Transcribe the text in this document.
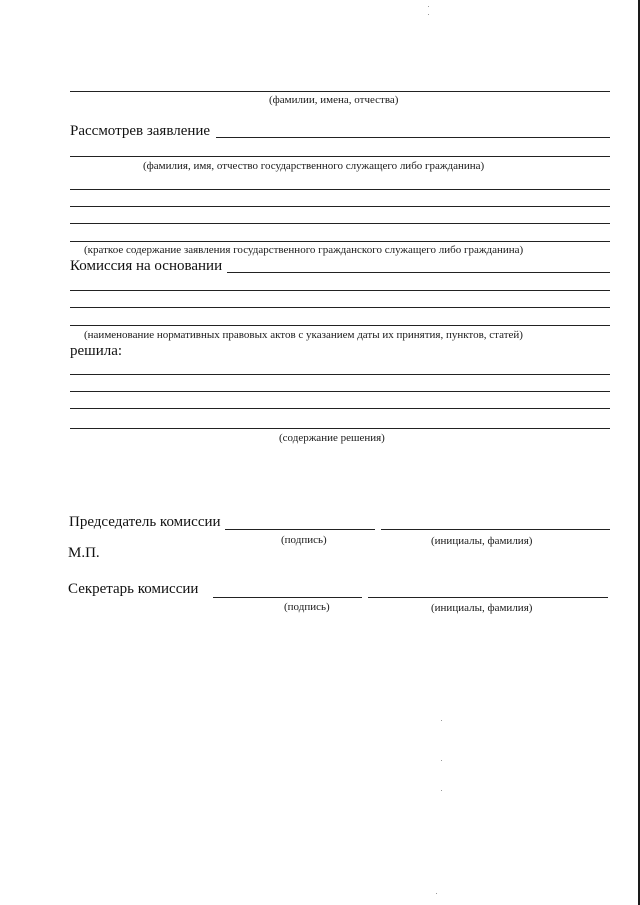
(фамилии, имена, отчества)
Рассмотрев заявление
(фамилия, имя, отчество государственного служащего либо гражданина)
(краткое содержание заявления государственного гражданского служащего либо гражданина)
Комиссия на основании
(наименование нормативных правовых актов с указанием даты их принятия, пунктов, статей)
решила:
(содержание решения)
Председатель комиссии
(подпись)	(инициалы, фамилия)
М.П.
Секретарь комиссии
(подпись)	(инициалы, фамилия)
